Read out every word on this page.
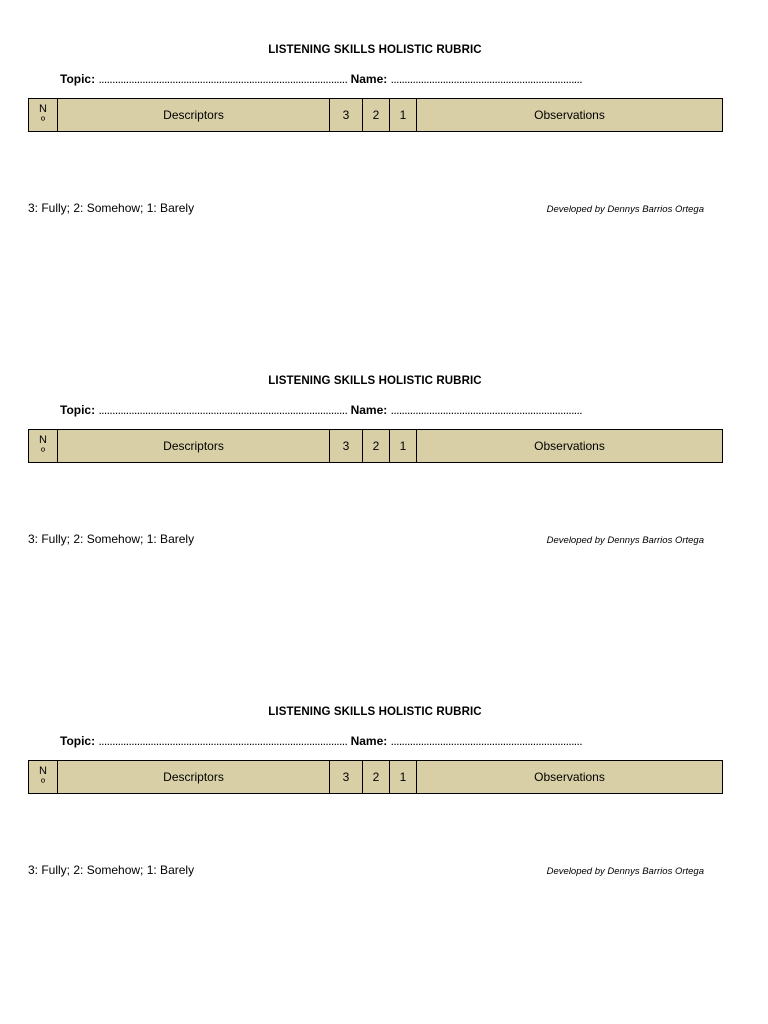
LISTENING SKILLS HOLISTIC RUBRIC
Topic: ........................................................................................... Name: ......................................................................
N
º	Descriptors	3	2	1	Observations
3: Fully; 2: Somehow; 1: Barely	Developed by Dennys Barrios Ortega
LISTENING SKILLS HOLISTIC RUBRIC
Topic: ........................................................................................... Name: ......................................................................
N
º	Descriptors	3	2	1	Observations
3: Fully; 2: Somehow; 1: Barely	Developed by Dennys Barrios Ortega
LISTENING SKILLS HOLISTIC RUBRIC
Topic: ........................................................................................... Name: ......................................................................
N
º	Descriptors	3	2	1	Observations
3: Fully; 2: Somehow; 1: Barely	Developed by Dennys Barrios Ortega
